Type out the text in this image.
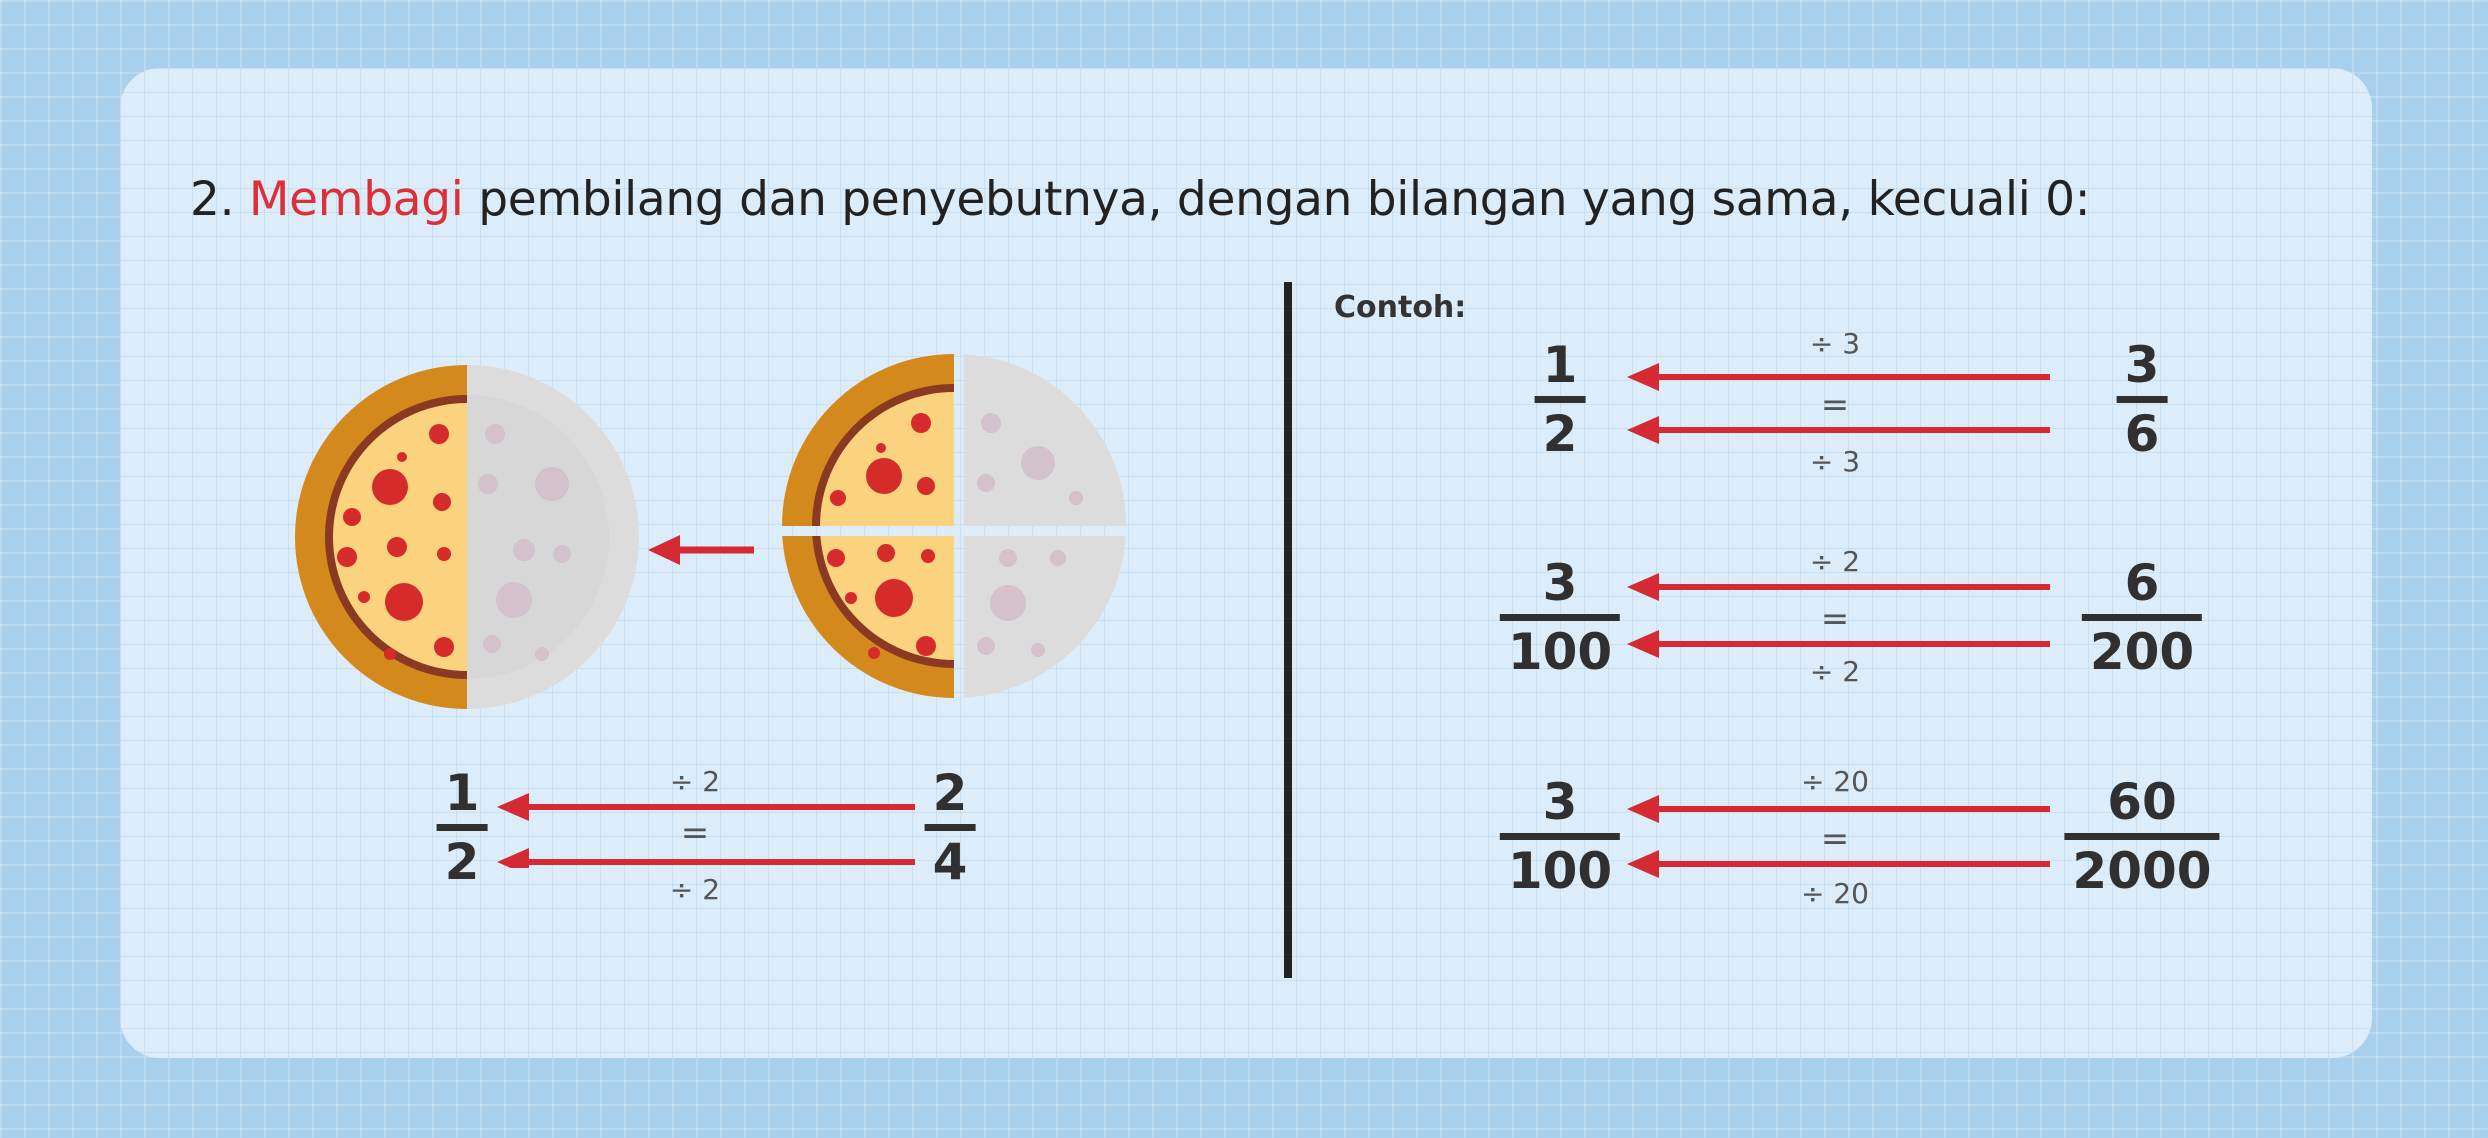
2. Membagi pembilang dan penyebutnya, dengan bilangan yang sama, kecuali 0:
$\frac{1}{2}$	$\frac{2}{4}$
÷ 2
=
÷ 2
Contoh:
$\frac{1}{2}$	$\frac{3}{6}$
÷ 3
=
÷ 3
$\frac{3}{100}$	$\frac{6}{200}$
÷ 2
=
÷ 2
$\frac{3}{100}$	$\frac{60}{2000}$
÷ 20
=
÷ 20
